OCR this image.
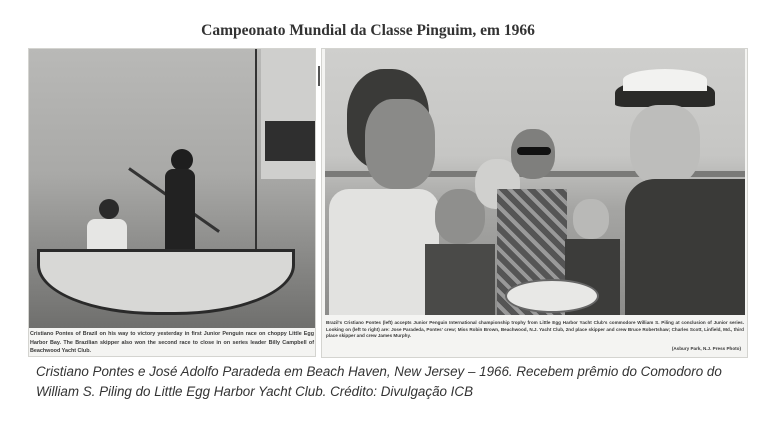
Campeonato Mundial da Classe Pinguim, em 1966
Cristiano Pontes of Brazil on his way to victory yesterday in first Junior Penguin race on choppy Little Egg Harbor Bay. The Brazilian skipper also won the second race to close in on series leader Billy Campbell of Beachwood Yacht Club.
Brazil's Cristiano Pontes (left) accepts Junior Penguin International championship trophy from Little Egg Harbor Yacht Club's commodore William S. Piling at conclusion of Junior series. Looking on (left to right) are: Jose Paradeda, Pontes' crew; Miss Robin Brown, Beachwood, N.J. Yacht Club, 2nd place skipper and crew Bruce Robertshaw; Charles Scott, Linfield, Md., third place skipper and crew James Murphy.
(Asbury Park, N.J. Press Photo)
Cristiano Pontes e José Adolfo Paradeda em Beach Haven, New Jersey – 1966. Recebem prêmio do Comodoro do William S. Piling do Little Egg Harbor Yacht Club. Crédito: Divulgação ICB
